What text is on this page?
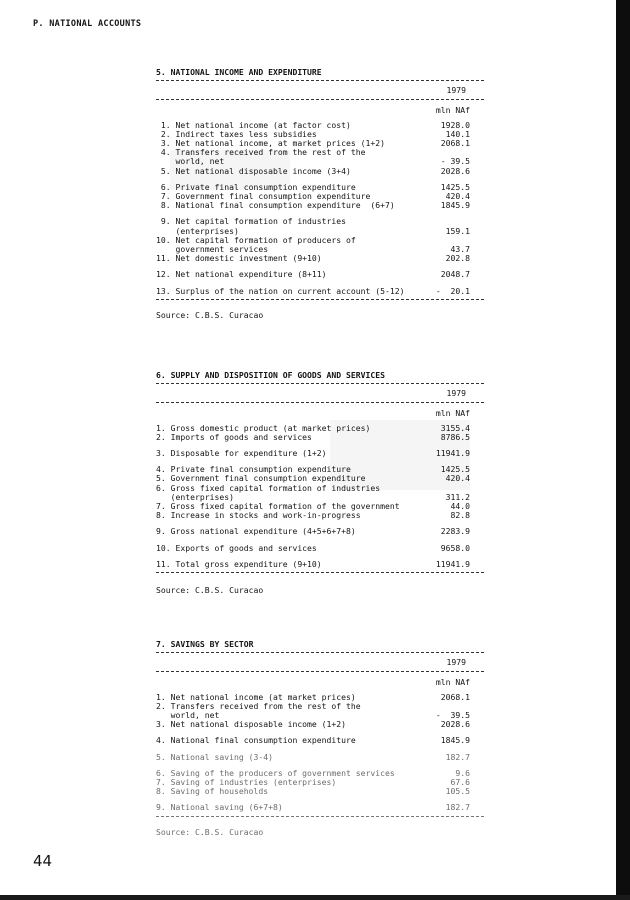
P. NATIONAL ACCOUNTS
5. NATIONAL INCOME AND EXPENDITURE
1979
mln NAf
1. Net national income (at factor cost)	1928.0
2. Indirect taxes less subsidies	140.1
3. Net national income, at market prices (1+2)	2068.1
4. Transfers received from the rest of the
world, net	- 39.5
5. Net national disposable income (3+4)	2028.6
6. Private final consumption expenditure	1425.5
7. Government final consumption expenditure	420.4
8. National final consumption expenditure  (6+7)	1845.9
9. Net capital formation of industries
(enterprises)	159.1
10. Net capital formation of producers of
government services	43.7
11. Net domestic investment (9+10)	202.8
12. Net national expenditure (8+11)	2048.7
13. Surplus of the nation on current account (5-12)	-  20.1
Source: C.B.S. Curacao
6. SUPPLY AND DISPOSITION OF GOODS AND SERVICES
1979
mln NAf
1. Gross domestic product (at market prices)	3155.4
2. Imports of goods and services	8786.5
3. Disposable for expenditure (1+2)	11941.9
4. Private final consumption expenditure	1425.5
5. Government final consumption expenditure	420.4
6. Gross fixed capital formation of industries
(enterprises)	311.2
7. Gross fixed capital formation of the government	44.0
8. Increase in stocks and work-in-progress	82.8
9. Gross national expenditure (4+5+6+7+8)	2283.9
10. Exports of goods and services	9658.0
11. Total gross expenditure (9+10)	11941.9
Source: C.B.S. Curacao
7. SAVINGS BY SECTOR
1979
mln NAf
1. Net national income (at market prices)	2068.1
2. Transfers received from the rest of the
world, net	-  39.5
3. Net national disposable income (1+2)	2028.6
4. National final consumption expenditure	1845.9
5. National saving (3-4)	182.7
6. Saving of the producers of government services	9.6
7. Saving of industries (enterprises)	67.6
8. Saving of households	105.5
9. National saving (6+7+8)	182.7
Source: C.B.S. Curacao
44
